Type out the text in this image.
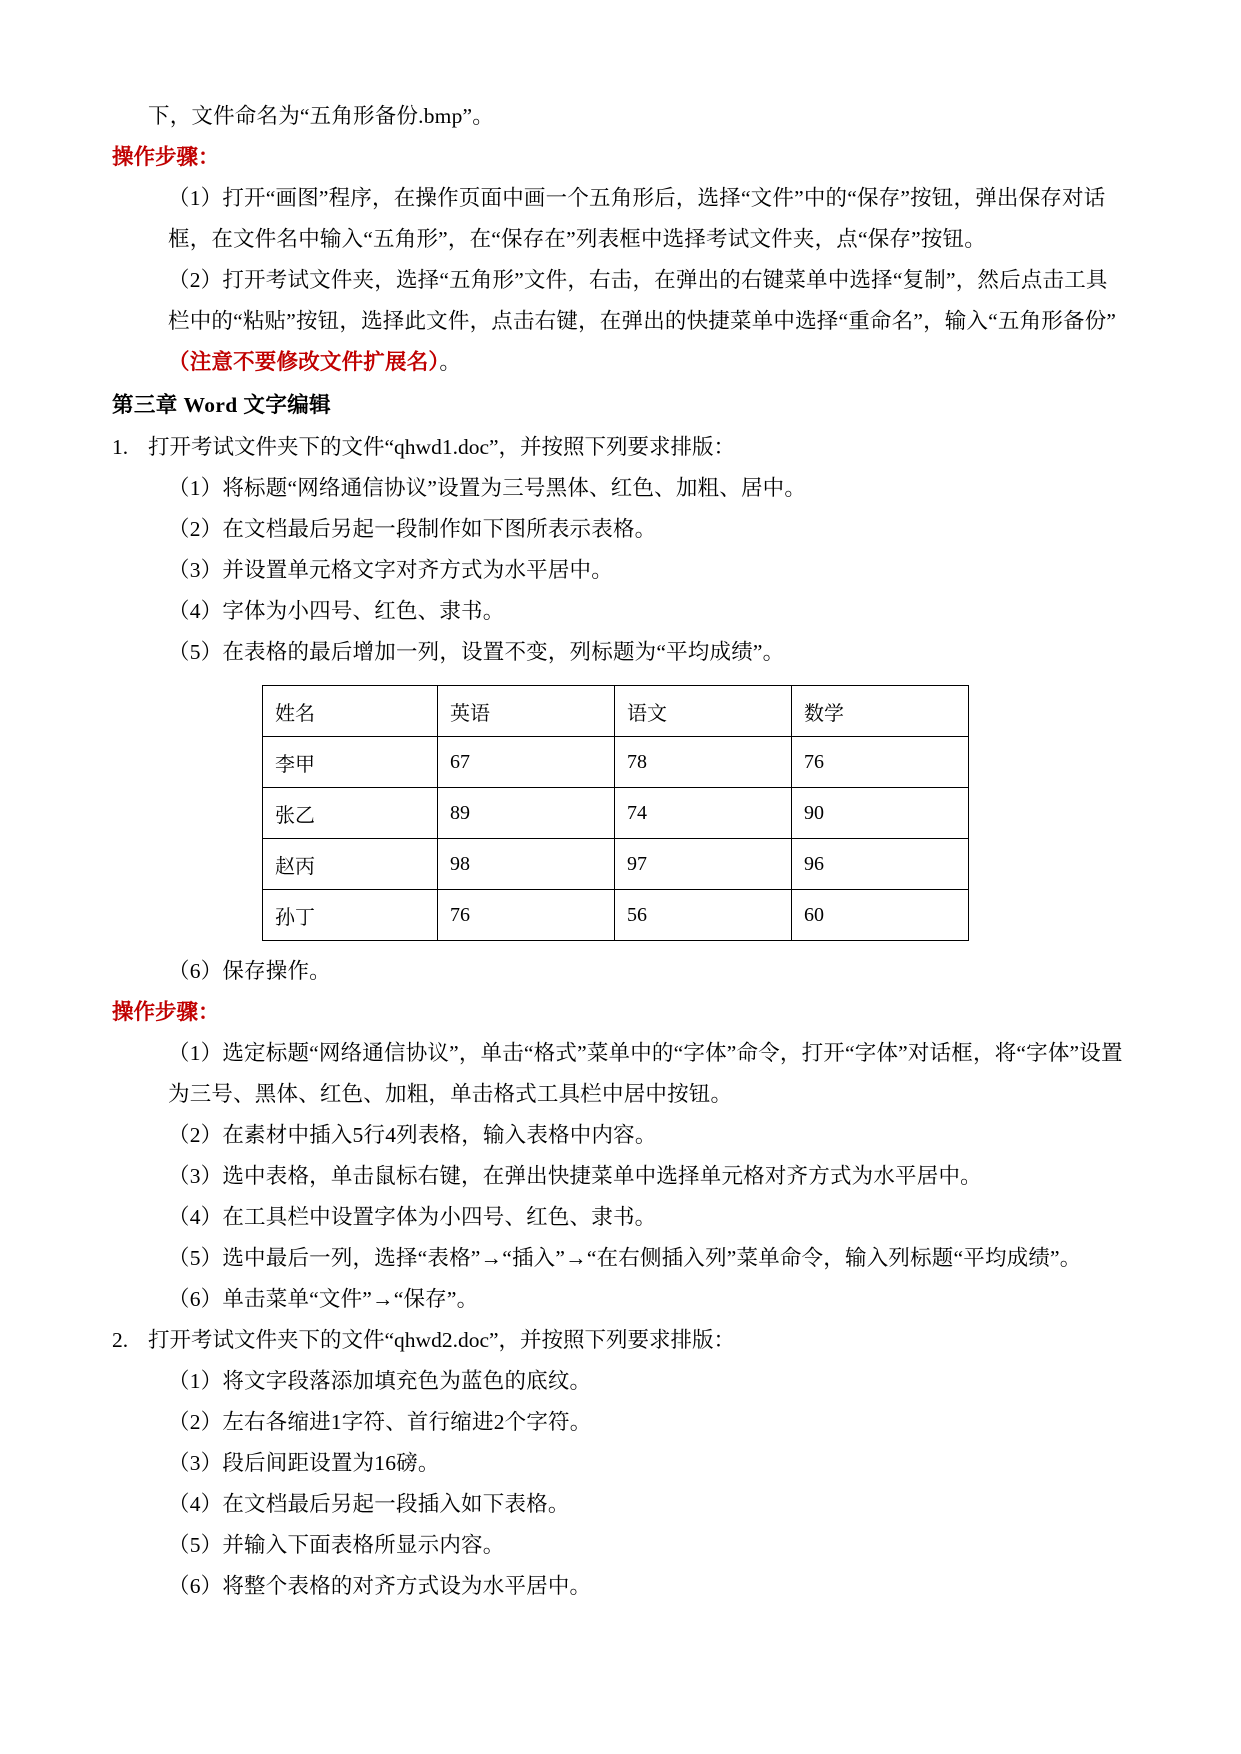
下，文件命名为“五角形备份.bmp”。
操作步骤：
（1）打开“画图”程序，在操作页面中画一个五角形后，选择“文件”中的“保存”按钮，弹出保存对话框，在文件名中输入“五角形”，在“保存在”列表框中选择考试文件夹，点“保存”按钮。
（2）打开考试文件夹，选择“五角形”文件，右击，在弹出的右键菜单中选择“复制”，然后点击工具栏中的“粘贴”按钮，选择此文件，点击右键，在弹出的快捷菜单中选择“重命名”，输入“五角形备份”（注意不要修改文件扩展名）。
第三章 Word 文字编辑
1. 打开考试文件夹下的文件“qhwd1.doc”，并按照下列要求排版：
（1）将标题“网络通信协议”设置为三号黑体、红色、加粗、居中。
（2）在文档最后另起一段制作如下图所表示表格。
（3）并设置单元格文字对齐方式为水平居中。
（4）字体为小四号、红色、隶书。
（5）在表格的最后增加一列，设置不变，列标题为“平均成绩”。
姓名	英语	语文	数学
李甲	67	78	76
张乙	89	74	90
赵丙	98	97	96
孙丁	76	56	60
（6）保存操作。
操作步骤：
（1）选定标题“网络通信协议”，单击“格式”菜单中的“字体”命令，打开“字体”对话框，将“字体”设置为三号、黑体、红色、加粗，单击格式工具栏中居中按钮。
（2）在素材中插入5行4列表格，输入表格中内容。
（3）选中表格，单击鼠标右键，在弹出快捷菜单中选择单元格对齐方式为水平居中。
（4）在工具栏中设置字体为小四号、红色、隶书。
（5）选中最后一列，选择“表格”→“插入”→“在右侧插入列”菜单命令，输入列标题“平均成绩”。
（6）单击菜单“文件”→“保存”。
2. 打开考试文件夹下的文件“qhwd2.doc”，并按照下列要求排版：
（1）将文字段落添加填充色为蓝色的底纹。
（2）左右各缩进1字符、首行缩进2个字符。
（3）段后间距设置为16磅。
（4）在文档最后另起一段插入如下表格。
（5）并输入下面表格所显示内容。
（6）将整个表格的对齐方式设为水平居中。
